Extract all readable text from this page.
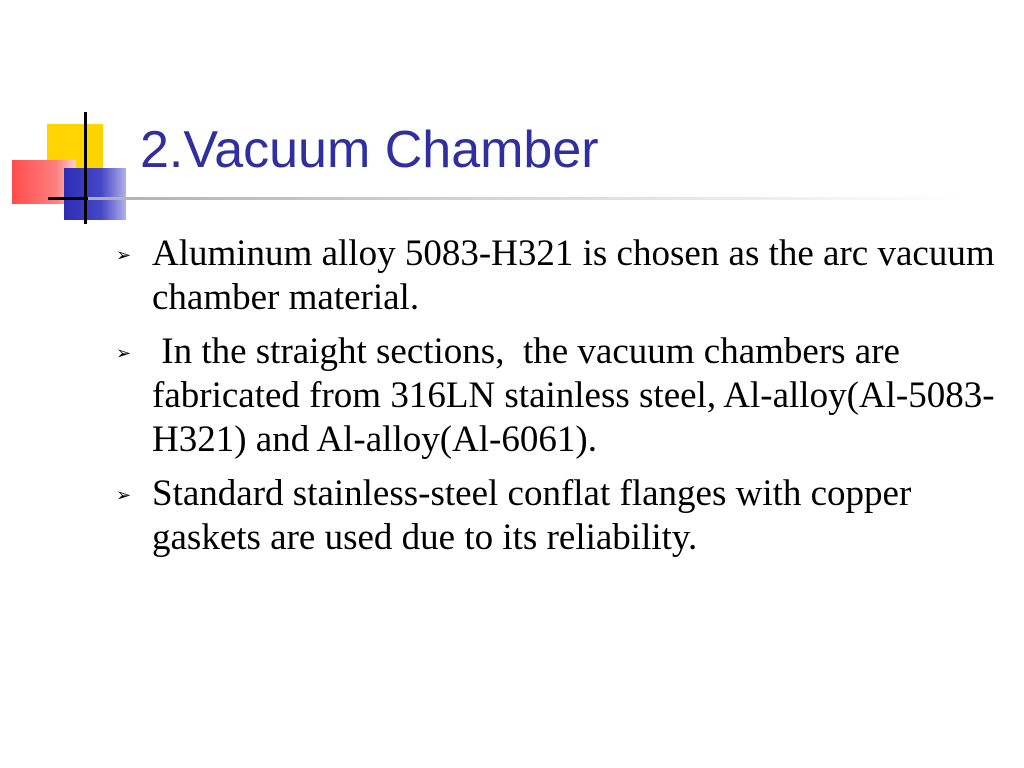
2.Vacuum Chamber
➢ Aluminum alloy 5083-H321 is chosen as the arc vacuum chamber material.
➢ In the straight sections,  the vacuum chambers are fabricated from 316LN stainless steel, Al-alloy(Al-5083-H321) and Al-alloy(Al-6061).
➢ Standard stainless-steel conflat flanges with copper gaskets are used due to its reliability.
